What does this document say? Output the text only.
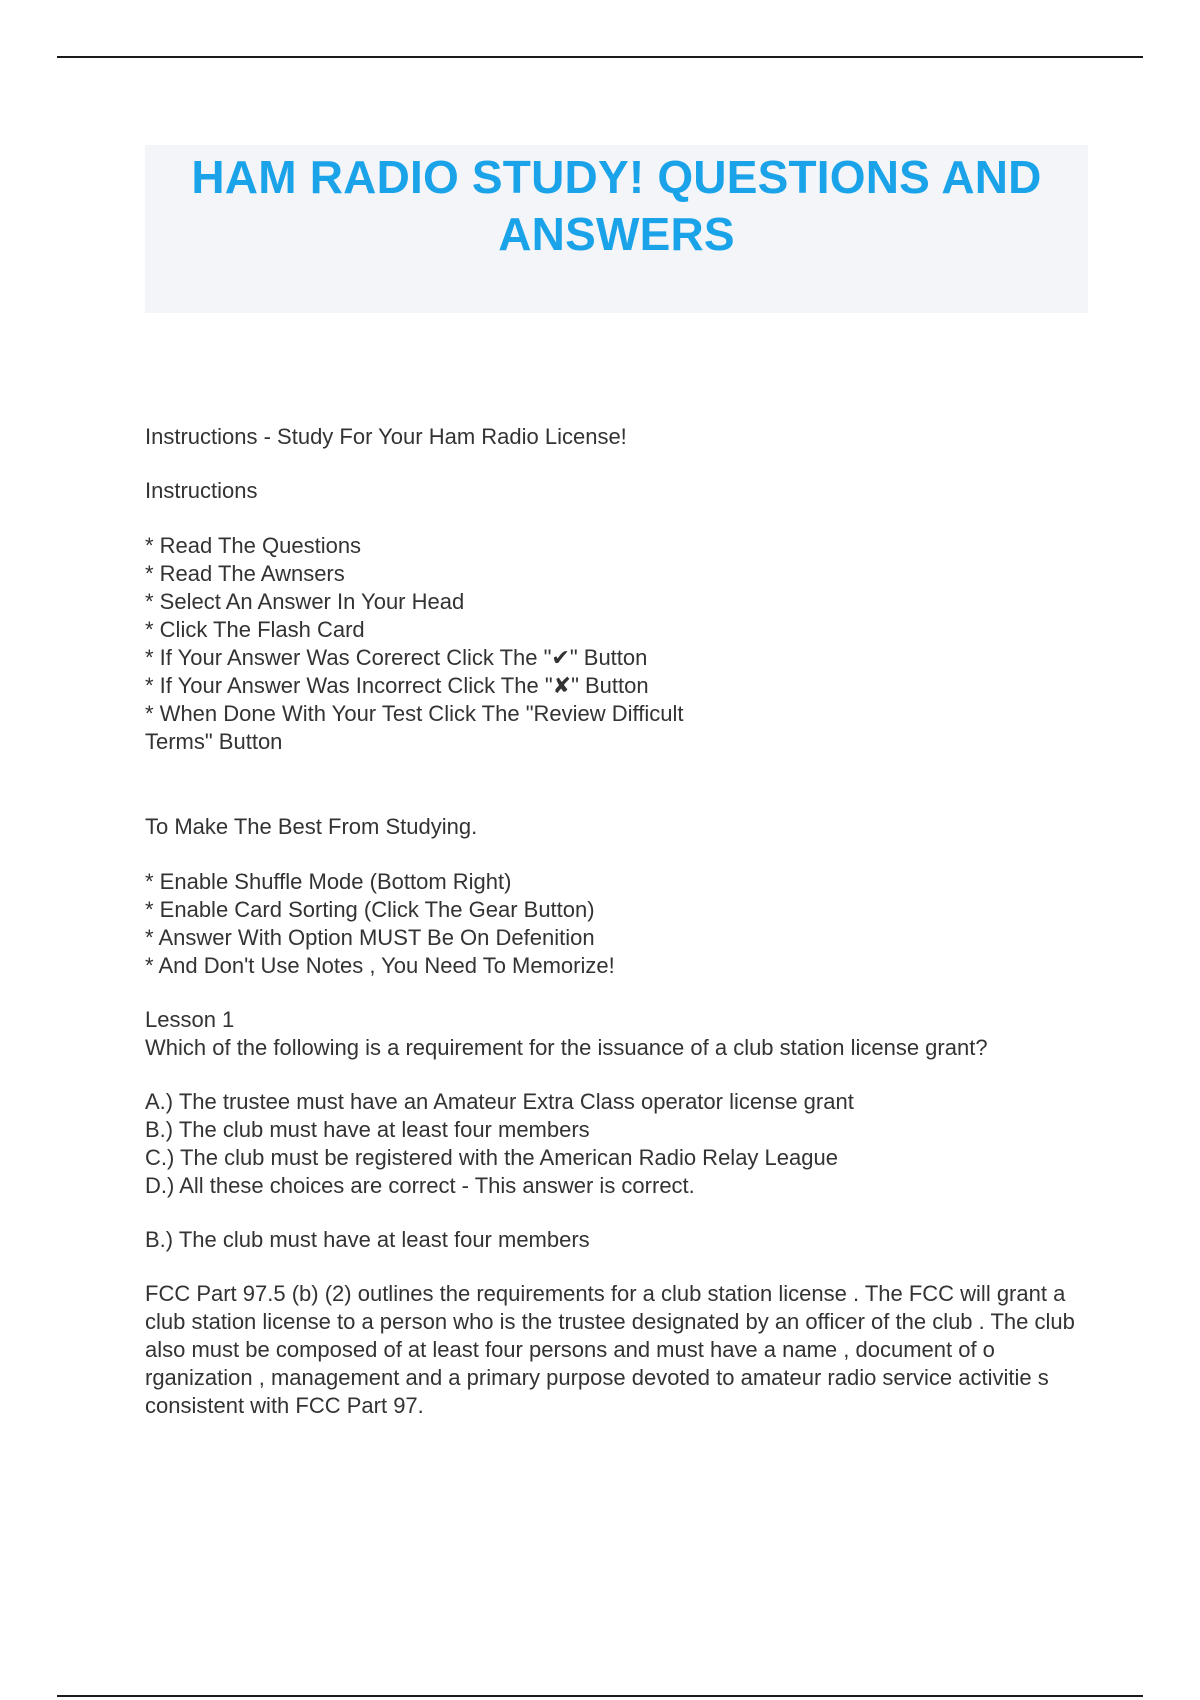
HAM RADIO STUDY! QUESTIONS AND ANSWERS

Instructions - Study For Your Ham Radio License!

Instructions

* Read The Questions
* Read The Awnsers
* Select An Answer In Your Head
* Click The Flash Card
* If Your Answer Was Corerect Click The "✔" Button
* If Your Answer Was Incorrect Click The "✘" Button
* When Done With Your Test Click The "Review Difficult
Terms" Button

To Make The Best From Studying.

* Enable Shuffle Mode (Bottom Right)
* Enable Card Sorting (Click The Gear Button)
* Answer With Option MUST Be On Defenition
* And Don't Use Notes , You Need To Memorize!

Lesson 1

Which of the following is a requirement for the issuance of a club station license grant?

A.) The trustee must have an Amateur Extra Class operator license grant
B.) The club must have at least four members
C.) The club must be registered with the American Radio Relay League
D.) All these choices are correct - This answer is correct.

B.) The club must have at least four members

FCC Part 97.5 (b) (2) outlines the requirements for a club station license . The FCC will grant a club station license to a person who is the trustee designated by an officer of the club . The club also must be composed of at least four persons and must have a name , document of o rganization , management and a primary purpose devoted to amateur radio service activitie s consistent with FCC Part 97.
